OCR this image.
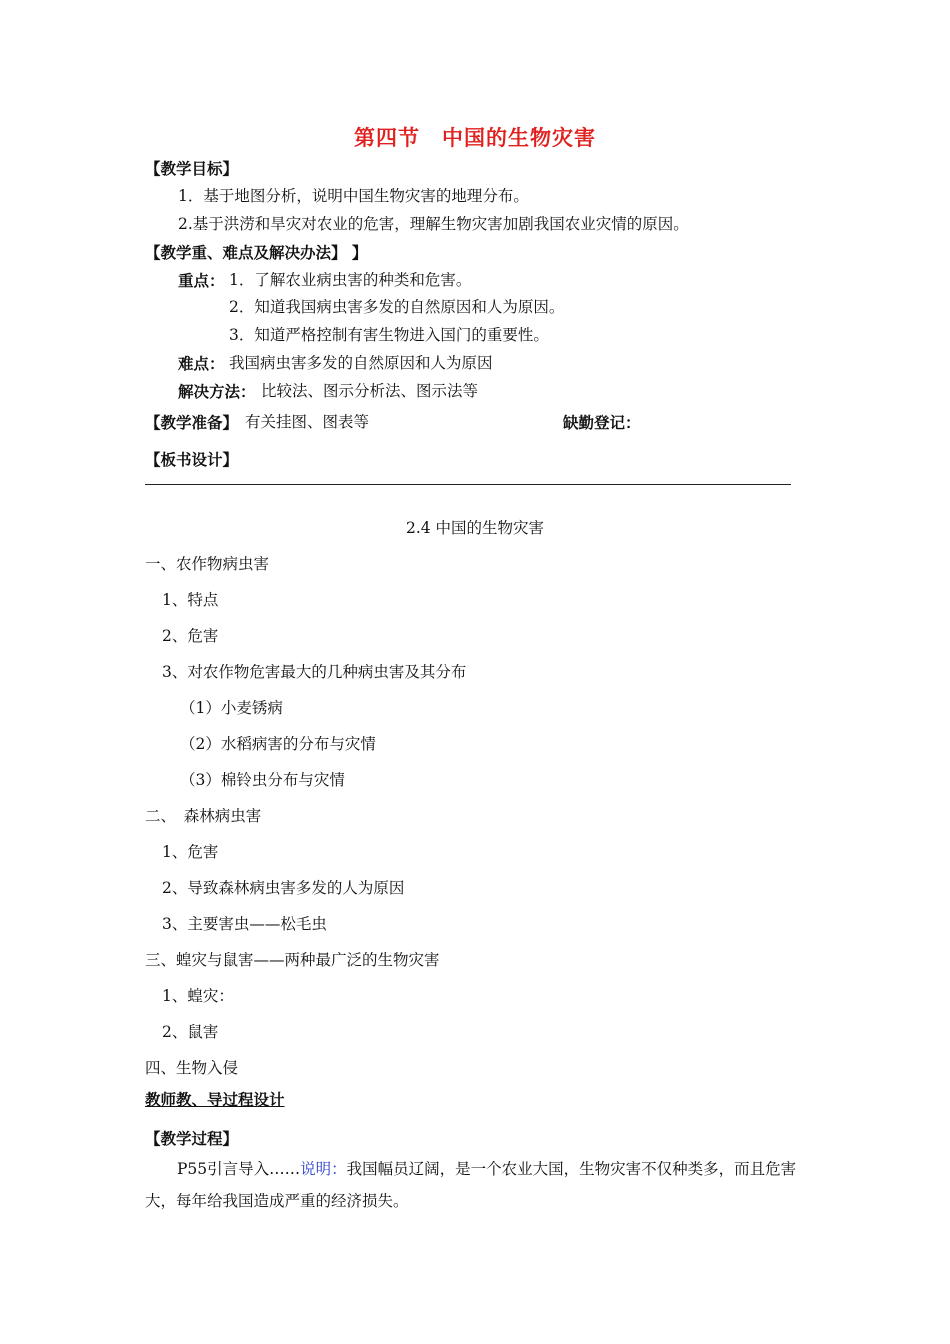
第四节　中国的生物灾害
【教学目标】
1．基于地图分析，说明中国生物灾害的地理分布。
2.基于洪涝和旱灾对农业的危害，理解生物灾害加剧我国农业灾情的原因。
【教学重、难点及解决办法】 】
重点： 1．了解农业病虫害的种类和危害。
2．知道我国病虫害多发的自然原因和人为原因。
3．知道严格控制有害生物进入国门的重要性。
难点： 我国病虫害多发的自然原因和人为原因
解决方法： 比较法、图示分析法、图示法等
【教学准备】 有关挂图、图表等	缺勤登记：
【板书设计】
2.4 中国的生物灾害
一、农作物病虫害
1、特点
2、危害
3、对农作物危害最大的几种病虫害及其分布
（1）小麦锈病
（2）水稻病害的分布与灾情
（3）棉铃虫分布与灾情
二、　森林病虫害
1、危害
2、导致森林病虫害多发的人为原因
3、主要害虫——松毛虫
三、蝗灾与鼠害——两种最广泛的生物灾害
1、蝗灾：
2、鼠害
四、生物入侵
教师教、导过程设计
【教学过程】
P55引言导入……说明：我国幅员辽阔，是一个农业大国，生物灾害不仅种类多，而且危害大，每年给我国造成严重的经济损失。
